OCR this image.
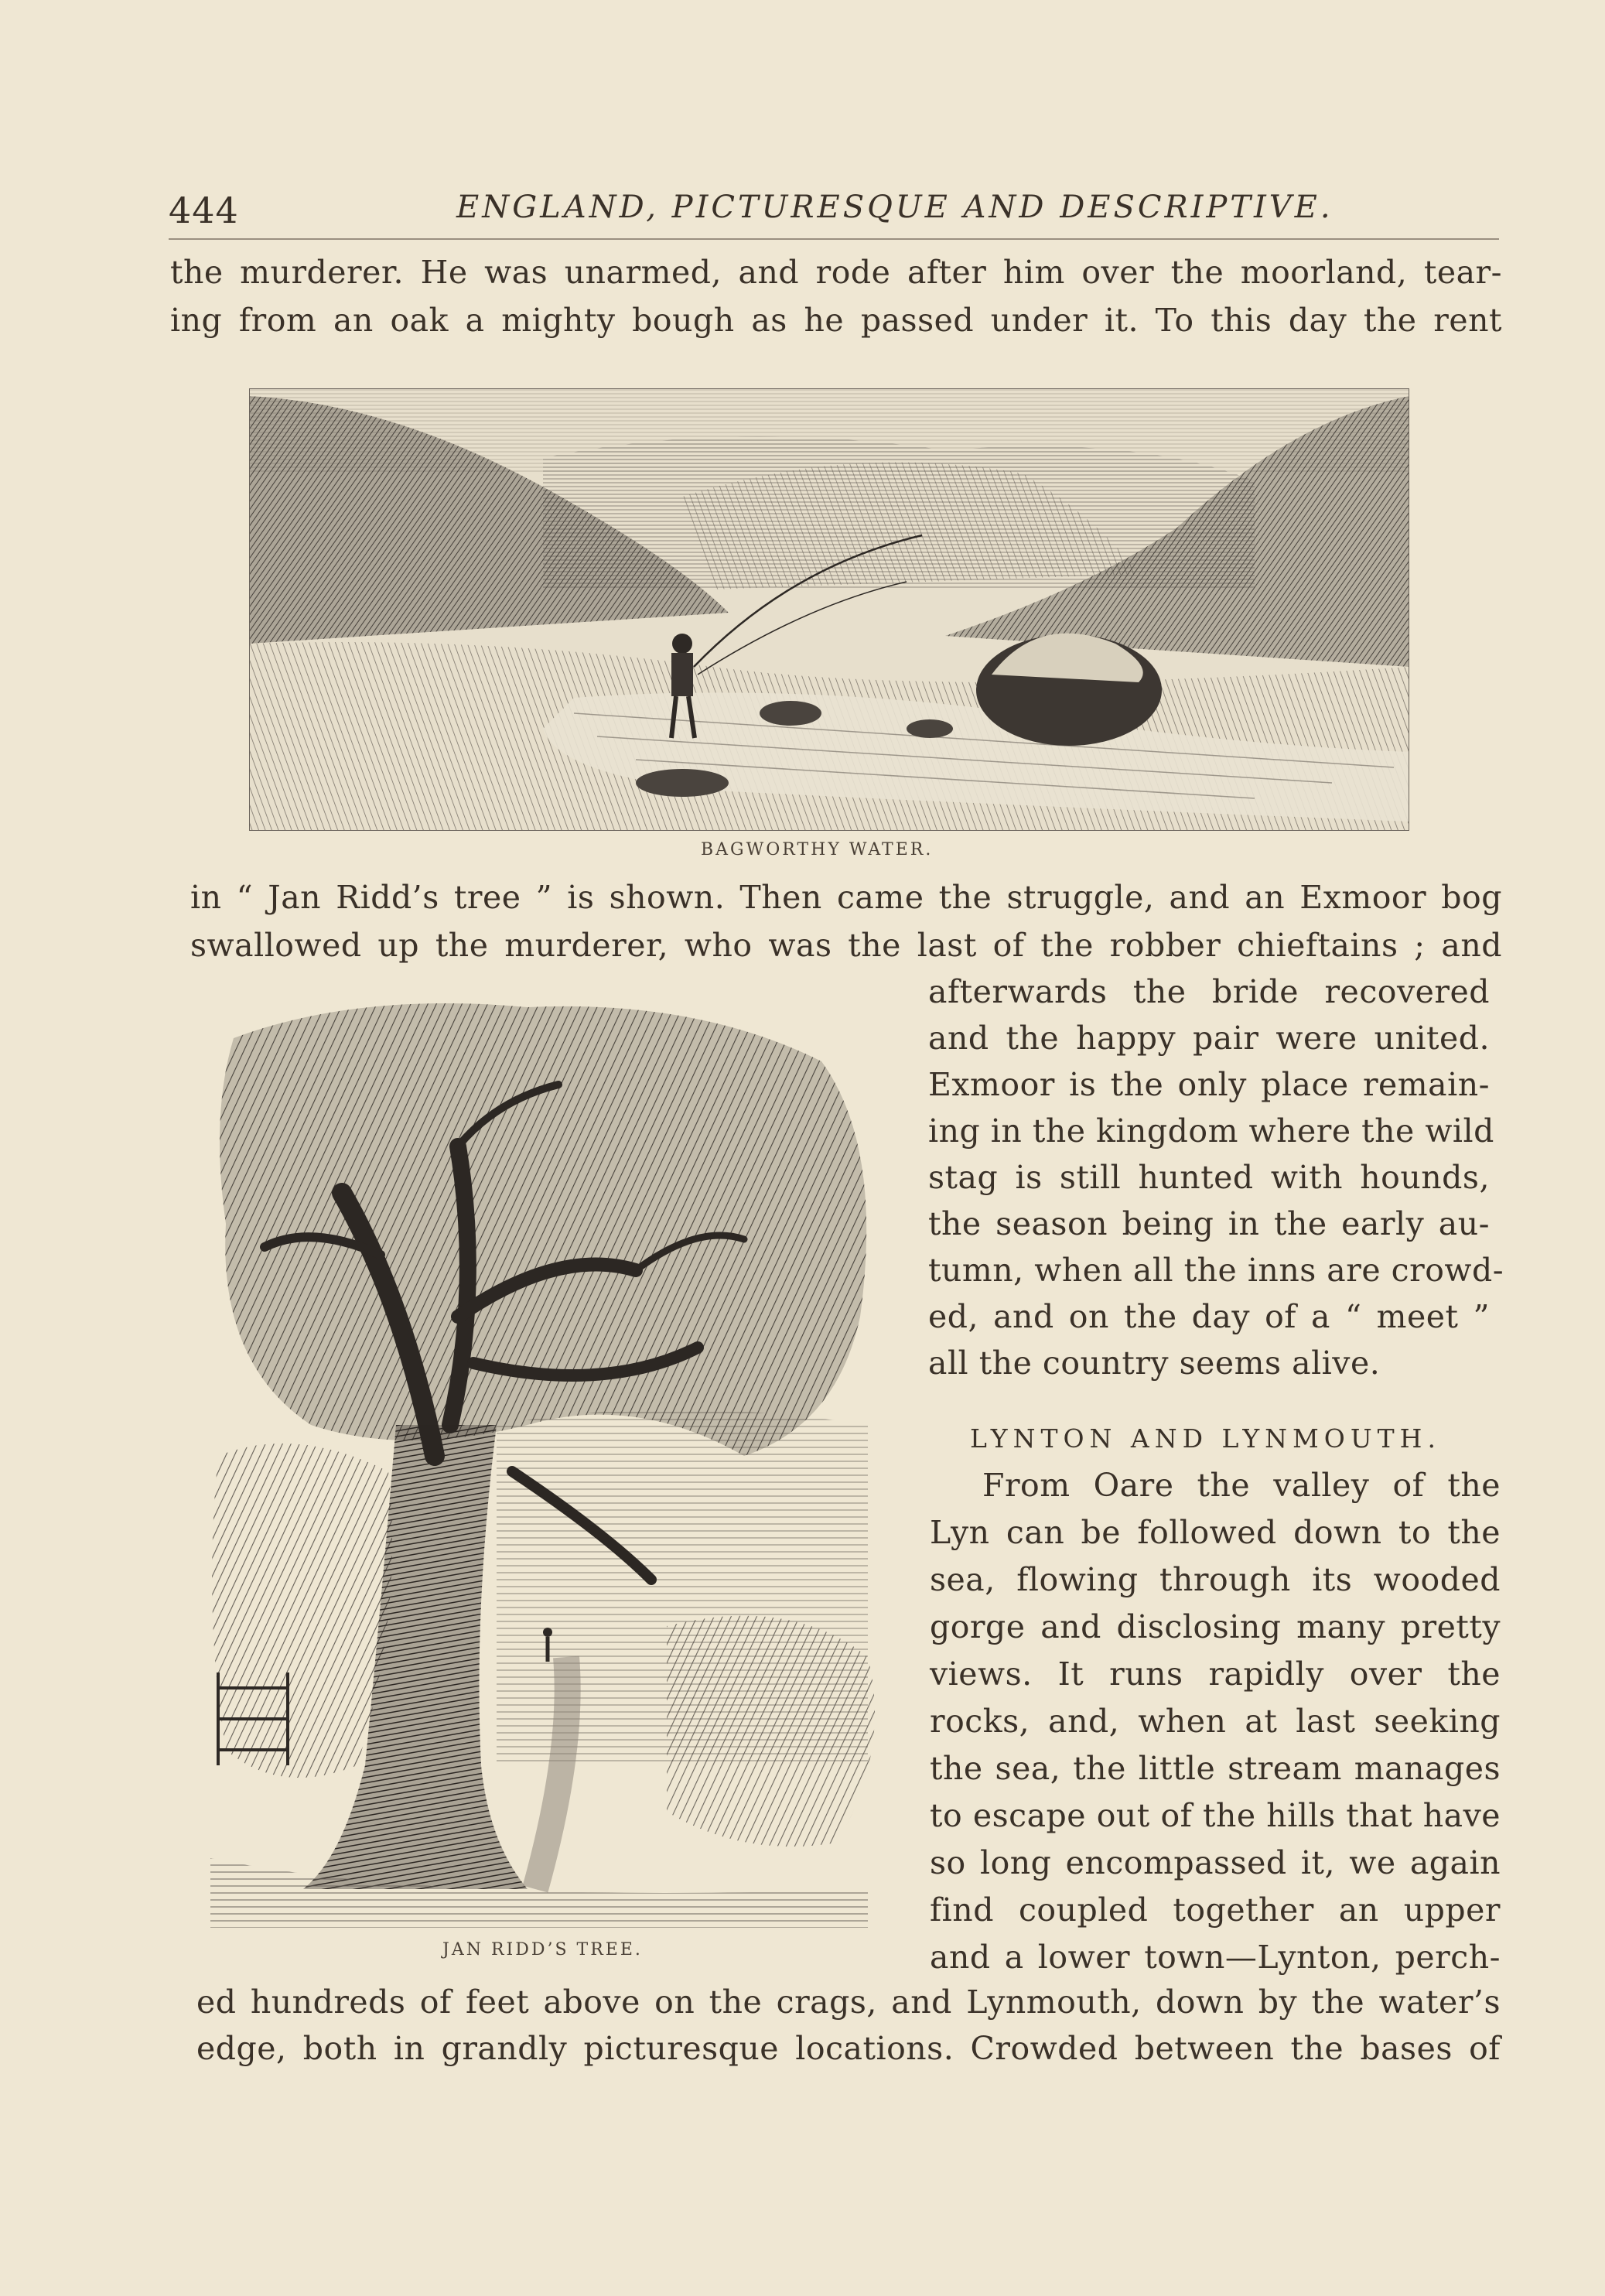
444	ENGLAND, PICTURESQUE AND DESCRIPTIVE.
the murderer. He was unarmed, and rode after him over the moorland, tear-
ing from an oak a mighty bough as he passed under it. To this day the rent
BAGWORTHY WATER.
in “ Jan Ridd’s tree ” is shown. Then came the struggle, and an Exmoor bog
swallowed up the murderer, who was the last of the robber chieftains ; and
JAN RIDD’S TREE.
afterwards the bride recovered
and the happy pair were united.
Exmoor is the only place remain-
ing in the kingdom where the wild
stag is still hunted with hounds,
the season being in the early au-
tumn, when all the inns are crowd-
ed, and on the day of a “ meet ”
all the country seems alive.
LYNTON AND LYNMOUTH.
From Oare the valley of the
Lyn can be followed down to the
sea, flowing through its wooded
gorge and disclosing many pretty
views. It runs rapidly over the
rocks, and, when at last seeking
the sea, the little stream manages
to escape out of the hills that have
so long encompassed it, we again
find coupled together an upper
and a lower town—Lynton, perch-
ed hundreds of feet above on the crags, and Lynmouth, down by the water’s
edge, both in grandly picturesque locations. Crowded between the bases of
